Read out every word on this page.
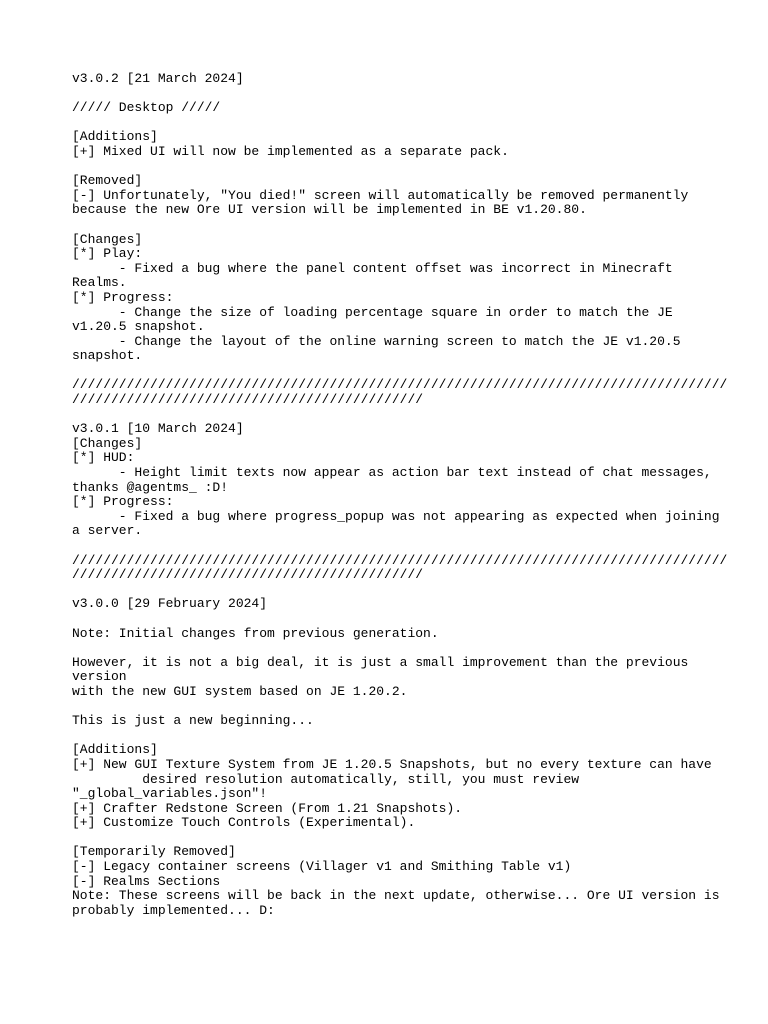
v3.0.2 [21 March 2024]
///// Desktop /////
[Additions]
[+] Mixed UI will now be implemented as a separate pack.
[Removed]
[-] Unfortunately, "You died!" screen will automatically be removed permanently
because the new Ore UI version will be implemented in BE v1.20.80.
[Changes]
[*] Play:
- Fixed a bug where the panel content offset was incorrect in Minecraft
Realms.
[*] Progress:
- Change the size of loading percentage square in order to match the JE
v1.20.5 snapshot.
- Change the layout of the online warning screen to match the JE v1.20.5
snapshot.
////////////////////////////////////////////////////////////////////////////////////
/////////////////////////////////////////////
v3.0.1 [10 March 2024]
[Changes]
[*] HUD:
- Height limit texts now appear as action bar text instead of chat messages,
thanks @agentms_ :D!
[*] Progress:
- Fixed a bug where progress_popup was not appearing as expected when joining
a server.
////////////////////////////////////////////////////////////////////////////////////
/////////////////////////////////////////////
v3.0.0 [29 February 2024]
Note: Initial changes from previous generation.
However, it is not a big deal, it is just a small improvement than the previous
version
with the new GUI system based on JE 1.20.2.
This is just a new beginning...
[Additions]
[+] New GUI Texture System from JE 1.20.5 Snapshots, but no every texture can have
desired resolution automatically, still, you must review
"_global_variables.json"!
[+] Crafter Redstone Screen (From 1.21 Snapshots).
[+] Customize Touch Controls (Experimental).
[Temporarily Removed]
[-] Legacy container screens (Villager v1 and Smithing Table v1)
[-] Realms Sections
Note: These screens will be back in the next update, otherwise... Ore UI version is
probably implemented... D:
